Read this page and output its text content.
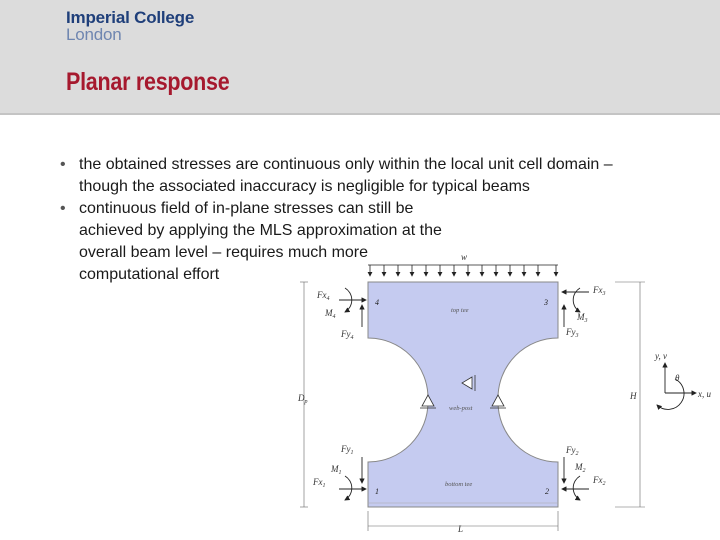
Imperial College
London
Planar response
• the obtained stresses are continuous only within the local unit cell domain – though the associated inaccuracy is negligible for typical beams
• continuous field of in-plane stresses can still be achieved by applying the MLS approximation at the overall beam level – requires much more computational effort
w
top tee
web-post
bottom tee
4	3
1	2
$Fx_4$
$M_4$
$Fy_4$
$Fx_3$
$M_3$
$Fy_3$
$Fy_1$
$M_1$
$Fx_1$
$Fy_2$
$M_2$
$Fx_2$
$D_p$
H
L
y, v
x, u
θ
